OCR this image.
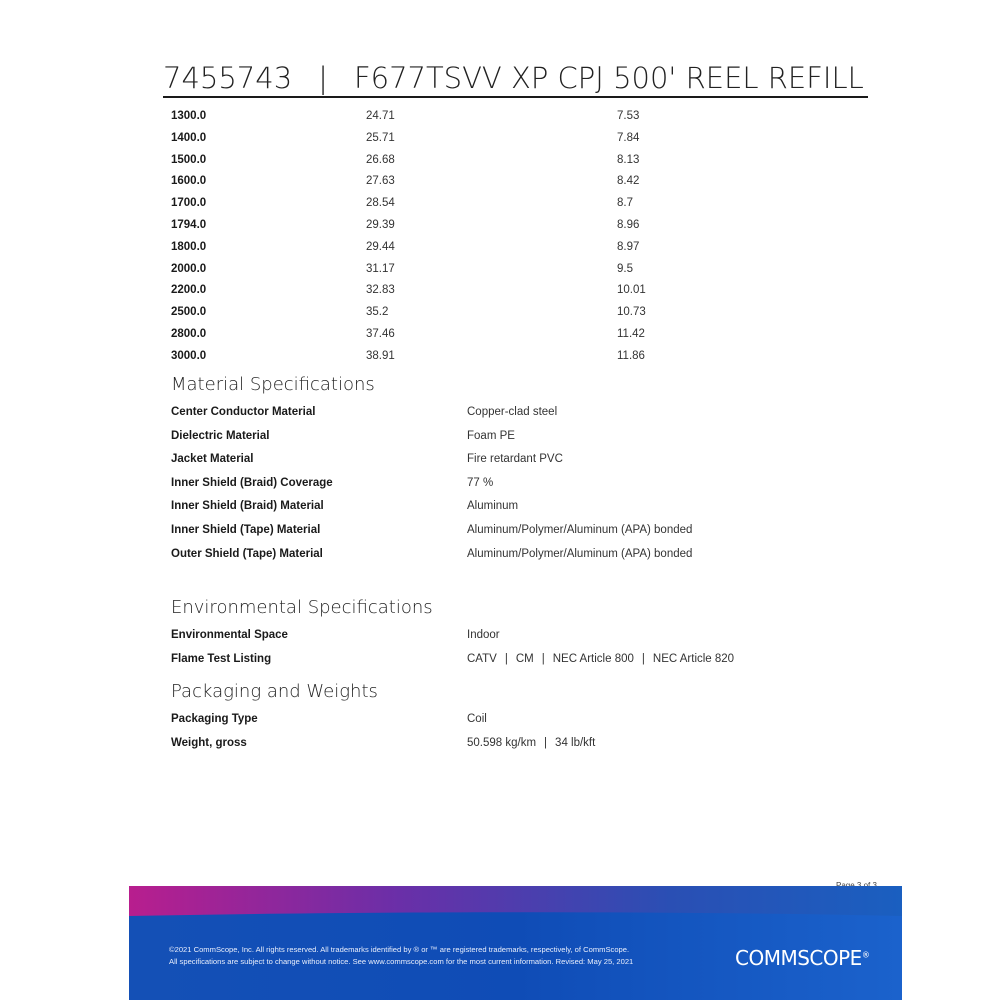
7455743 | F677TSVV XP CPJ 500' REEL REFILL
1300.0	24.71	7.53
1400.0	25.71	7.84
1500.0	26.68	8.13
1600.0	27.63	8.42
1700.0	28.54	8.7
1794.0	29.39	8.96
1800.0	29.44	8.97
2000.0	31.17	9.5
2200.0	32.83	10.01
2500.0	35.2	10.73
2800.0	37.46	11.42
3000.0	38.91	11.86
Material Specifications
Center Conductor Material	Copper-clad steel
Dielectric Material	Foam PE
Jacket Material	Fire retardant PVC
Inner Shield (Braid) Coverage	77 %
Inner Shield (Braid) Material	Aluminum
Inner Shield (Tape) Material	Aluminum/Polymer/Aluminum (APA) bonded
Outer Shield (Tape) Material	Aluminum/Polymer/Aluminum (APA) bonded
Environmental Specifications
Environmental Space	Indoor
Flame Test Listing	CATV | CM | NEC Article 800 | NEC Article 820
Packaging and Weights
Packaging Type	Coil
Weight, gross	50.598 kg/km | 34 lb/kft
©2021 CommScope, Inc. All rights reserved. All trademarks identified by ® or ™ are registered trademarks, respectively, of CommScope. All specifications are subject to change without notice. See www.commscope.com for the most current information. Revised: May 25, 2021	COMMSCOPE®
